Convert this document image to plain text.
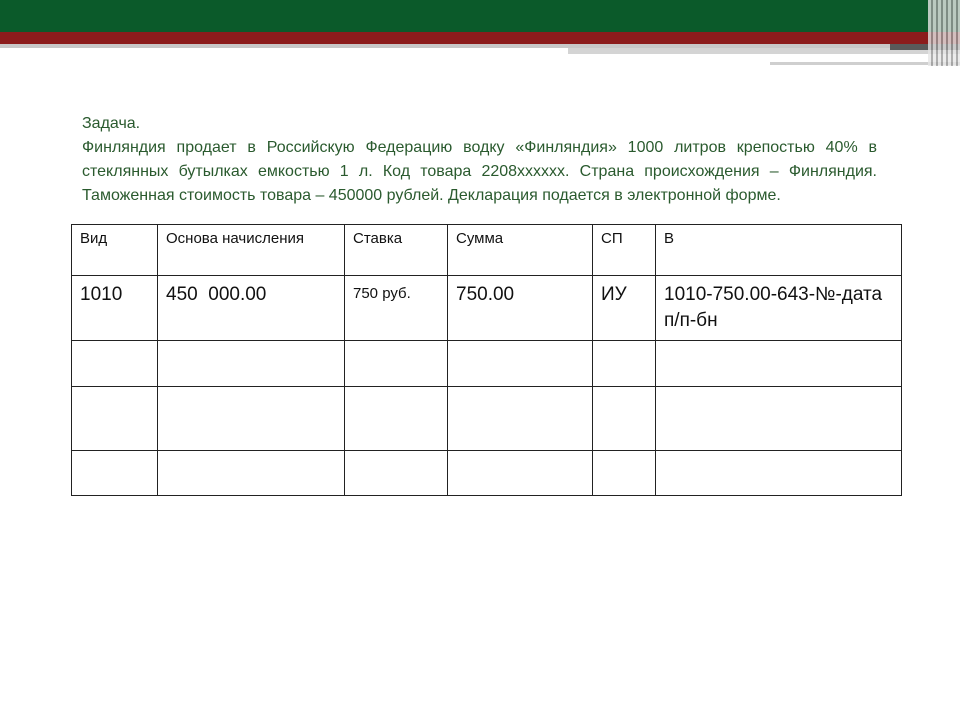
Задача.

Финляндия продает в Российскую Федерацию водку «Финляндия» 1000 литров крепостью 40% в стеклянных бутылках емкостью 1 л. Код товара 2208xxxxxx. Страна происхождения – Финляндия. Таможенная стоимость товара – 450000 рублей. Декларация подается в электронной форме.

Вид	Основа начисления	Ставка	Сумма	СП	В
1010	450  000.00	750 руб.	750.00	ИУ	1010-750.00-643-№-дата п/п-бн
